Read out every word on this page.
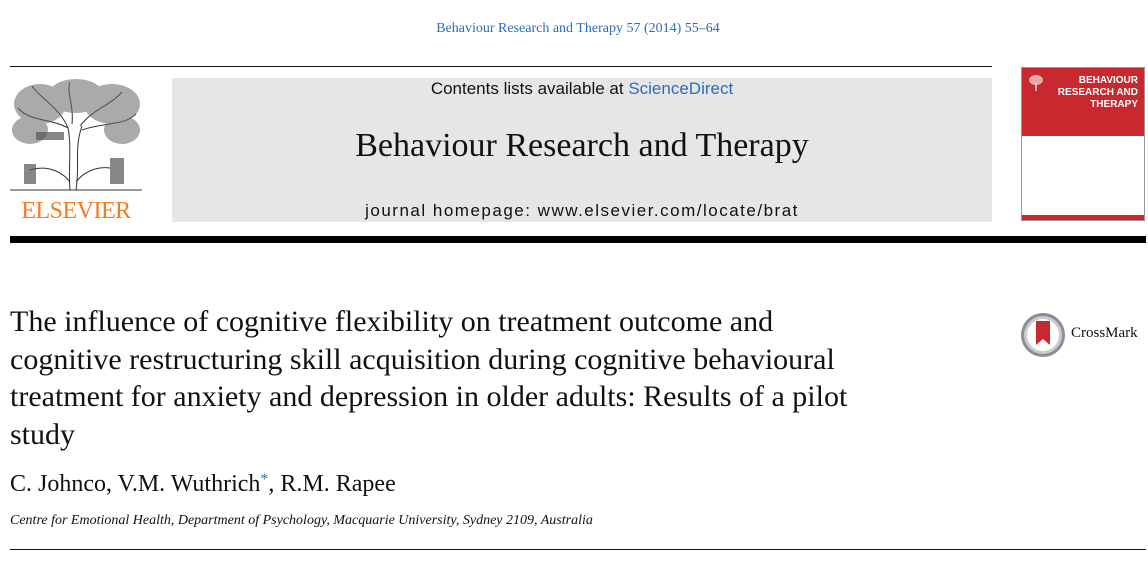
Behaviour Research and Therapy 57 (2014) 55–64
ELSEVIER
Contents lists available at ScienceDirect
Behaviour Research and Therapy
journal homepage: www.elsevier.com/locate/brat
BEHAVIOUR
RESEARCH AND
THERAPY
The influence of cognitive flexibility on treatment outcome and
cognitive restructuring skill acquisition during cognitive behavioural
treatment for anxiety and depression in older adults: Results of a pilot
study
CrossMark
C. Johnco, V.M. Wuthrich*, R.M. Rapee
Centre for Emotional Health, Department of Psychology, Macquarie University, Sydney 2109, Australia
